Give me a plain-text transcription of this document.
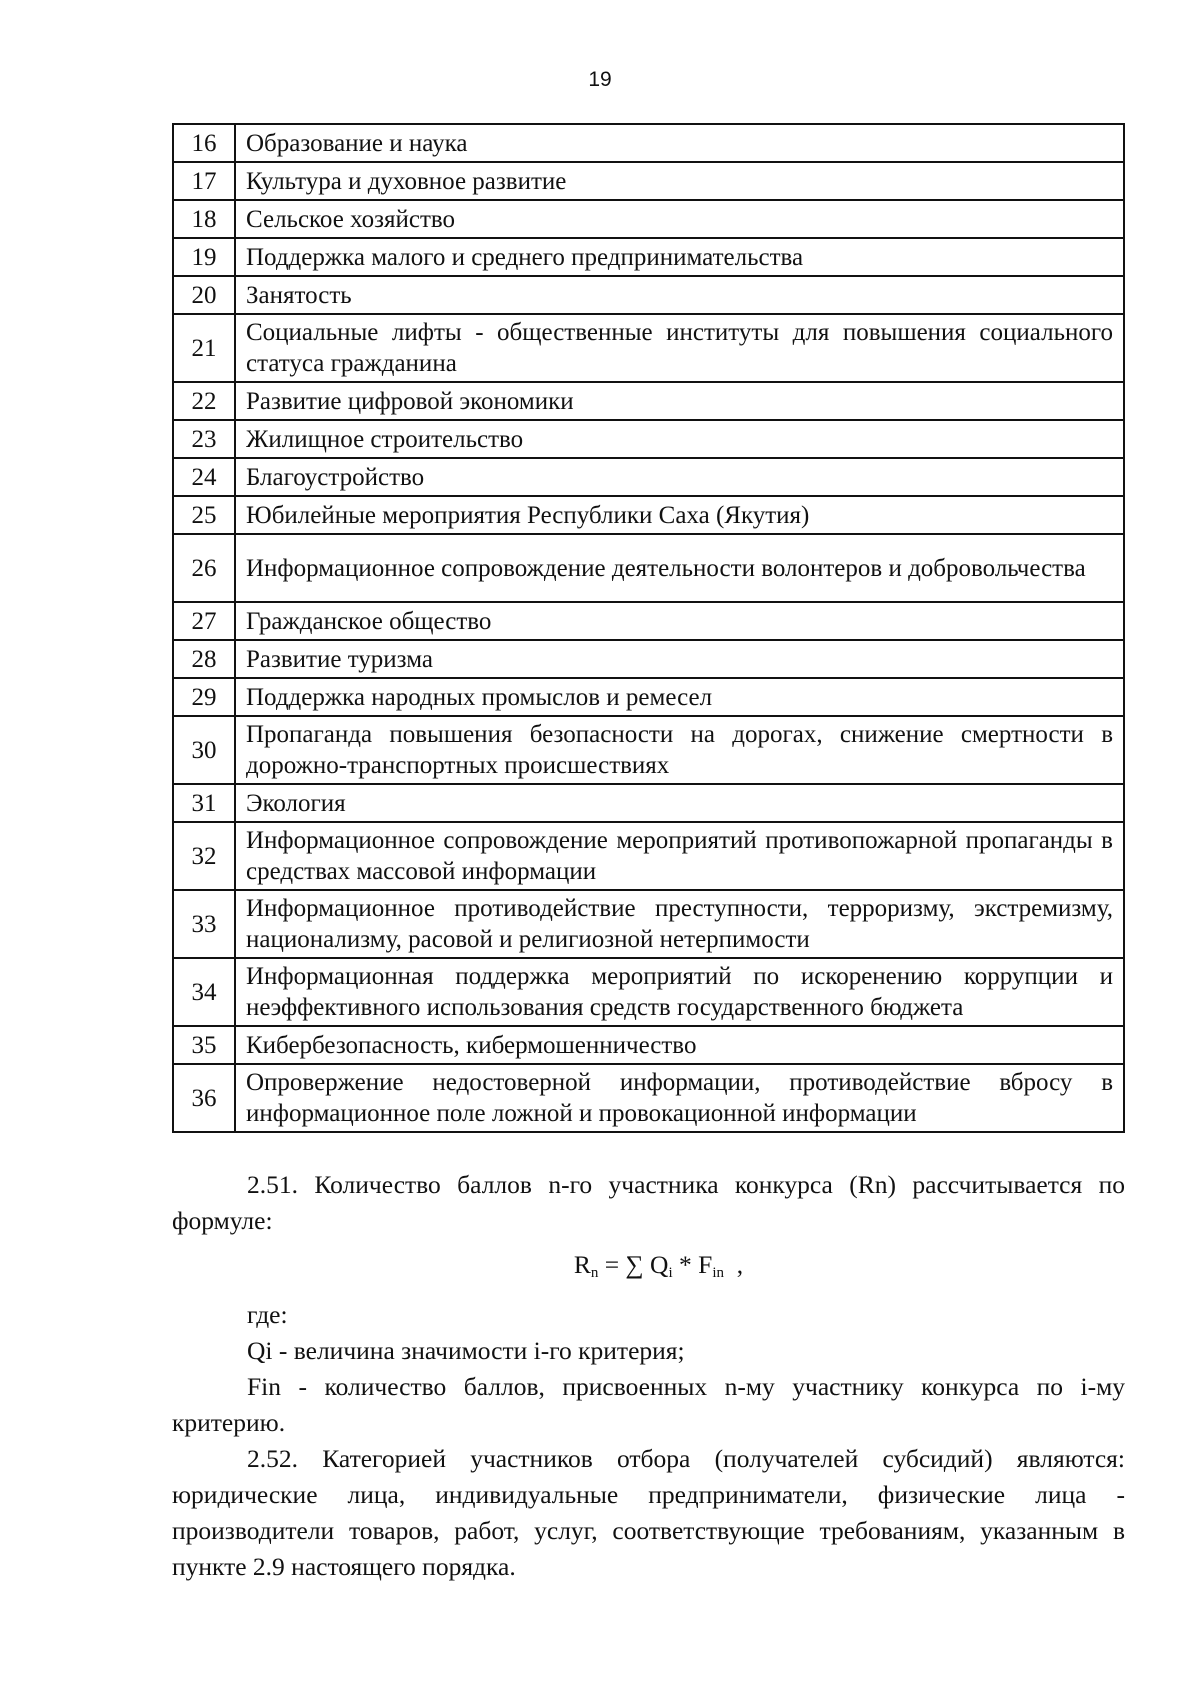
19
16	Образование и наука
17	Культура и духовное развитие
18	Сельское хозяйство
19	Поддержка малого и среднего предпринимательства
20	Занятость
21	Социальные лифты - общественные институты для повышения социального статуса гражданина
22	Развитие цифровой экономики
23	Жилищное строительство
24	Благоустройство
25	Юбилейные мероприятия Республики Саха (Якутия)
26	Информационное сопровождение деятельности волонтеров и добровольчества
27	Гражданское общество
28	Развитие туризма
29	Поддержка народных промыслов и ремесел
30	Пропаганда повышения безопасности на дорогах, снижение смертности в дорожно-транспортных происшествиях
31	Экология
32	Информационное сопровождение мероприятий противопожарной пропаганды в средствах массовой информации
33	Информационное противодействие преступности, терроризму, экстремизму, национализму, расовой и религиозной нетерпимости
34	Информационная поддержка мероприятий по искоренению коррупции и неэффективного использования средств государственного бюджета
35	Кибербезопасность, кибермошенничество
36	Опровержение недостоверной информации, противодействие вбросу в информационное поле ложной и провокационной информации

2.51. Количество баллов n-го участника конкурса (Rn) рассчитывается по формуле:

$R_n$ = ∑ $Q_i * F_{in}$  ,

где:

Qi - величина значимости i-го критерия;

Fin - количество баллов, присвоенных n-му участнику конкурса по i-му критерию.

2.52. Категорией участников отбора (получателей субсидий) являются: юридические лица, индивидуальные предприниматели, физические лица - производители товаров, работ, услуг, соответствующие требованиям, указанным в пункте 2.9 настоящего порядка.
